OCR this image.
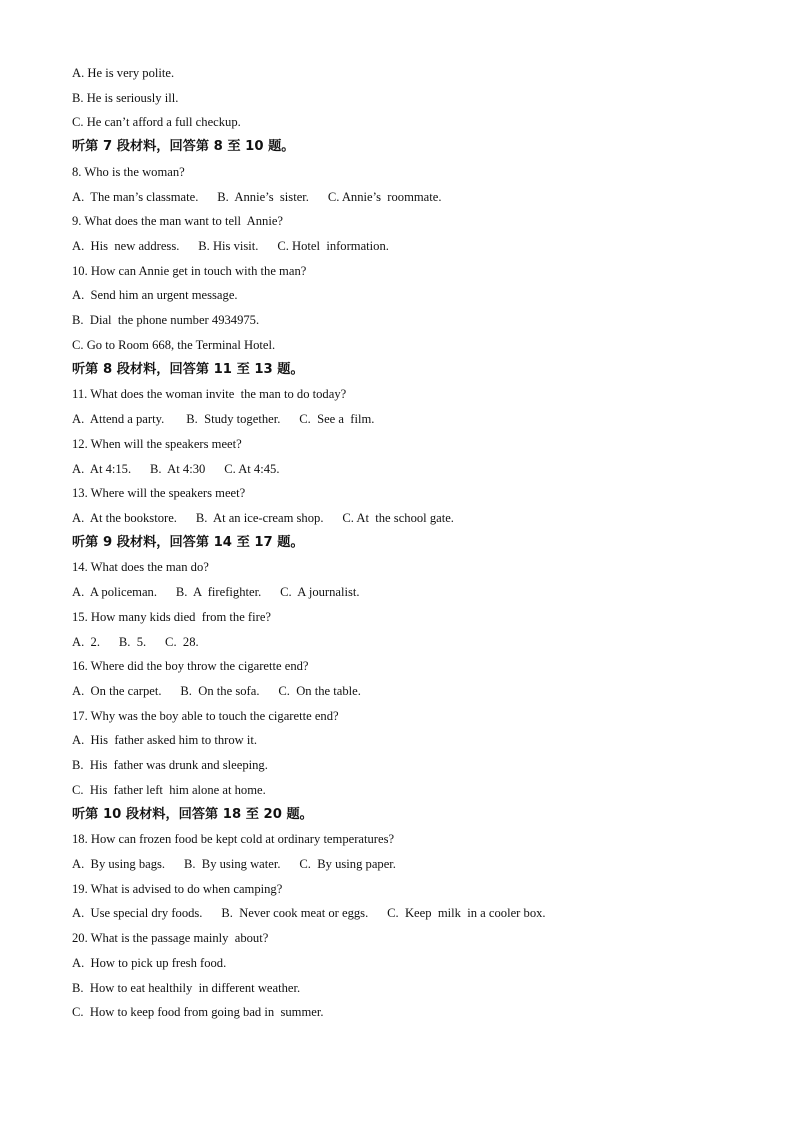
A. He is very polite.
B. He is seriously ill.
C. He can’t afford a full checkup.
听第 7 段材料，回答第 8 至 10 题。
8. Who is the woman?
A.  The man’s classmate.      B.  Annie’s  sister.      C. Annie’s  roommate.
9. What does the man want to tell  Annie?
A.  His  new address.      B. His visit.      C. Hotel  information.
10. How can Annie get in touch with the man?
A.  Send him an urgent message.
B.  Dial  the phone number 4934975.
C. Go to Room 668, the Terminal Hotel.
听第 8 段材料，回答第 11 至 13 题。
11. What does the woman invite  the man to do today?
A.  Attend a party.       B.  Study together.      C.  See a  film.
12. When will the speakers meet?
A.  At 4:15.      B.  At 4:30      C. At 4:45.
13. Where will the speakers meet?
A.  At the bookstore.      B.  At an ice-cream shop.      C. At  the school gate.
听第 9 段材料，回答第 14 至 17 题。
14. What does the man do?
A.  A policeman.      B.  A  firefighter.      C.  A journalist.
15. How many kids died  from the fire?
A.  2.      B.  5.      C.  28.
16. Where did the boy throw the cigarette end?
A.  On the carpet.      B.  On the sofa.      C.  On the table.
17. Why was the boy able to touch the cigarette end?
A.  His  father asked him to throw it.
B.  His  father was drunk and sleeping.
C.  His  father left  him alone at home.
听第 10 段材料，回答第 18 至 20 题。
18. How can frozen food be kept cold at ordinary temperatures?
A.  By using bags.      B.  By using water.      C.  By using paper.
19. What is advised to do when camping?
A.  Use special dry foods.      B.  Never cook meat or eggs.      C.  Keep  milk  in a cooler box.
20. What is the passage mainly  about?
A.  How to pick up fresh food.
B.  How to eat healthily  in different weather.
C.  How to keep food from going bad in  summer.
